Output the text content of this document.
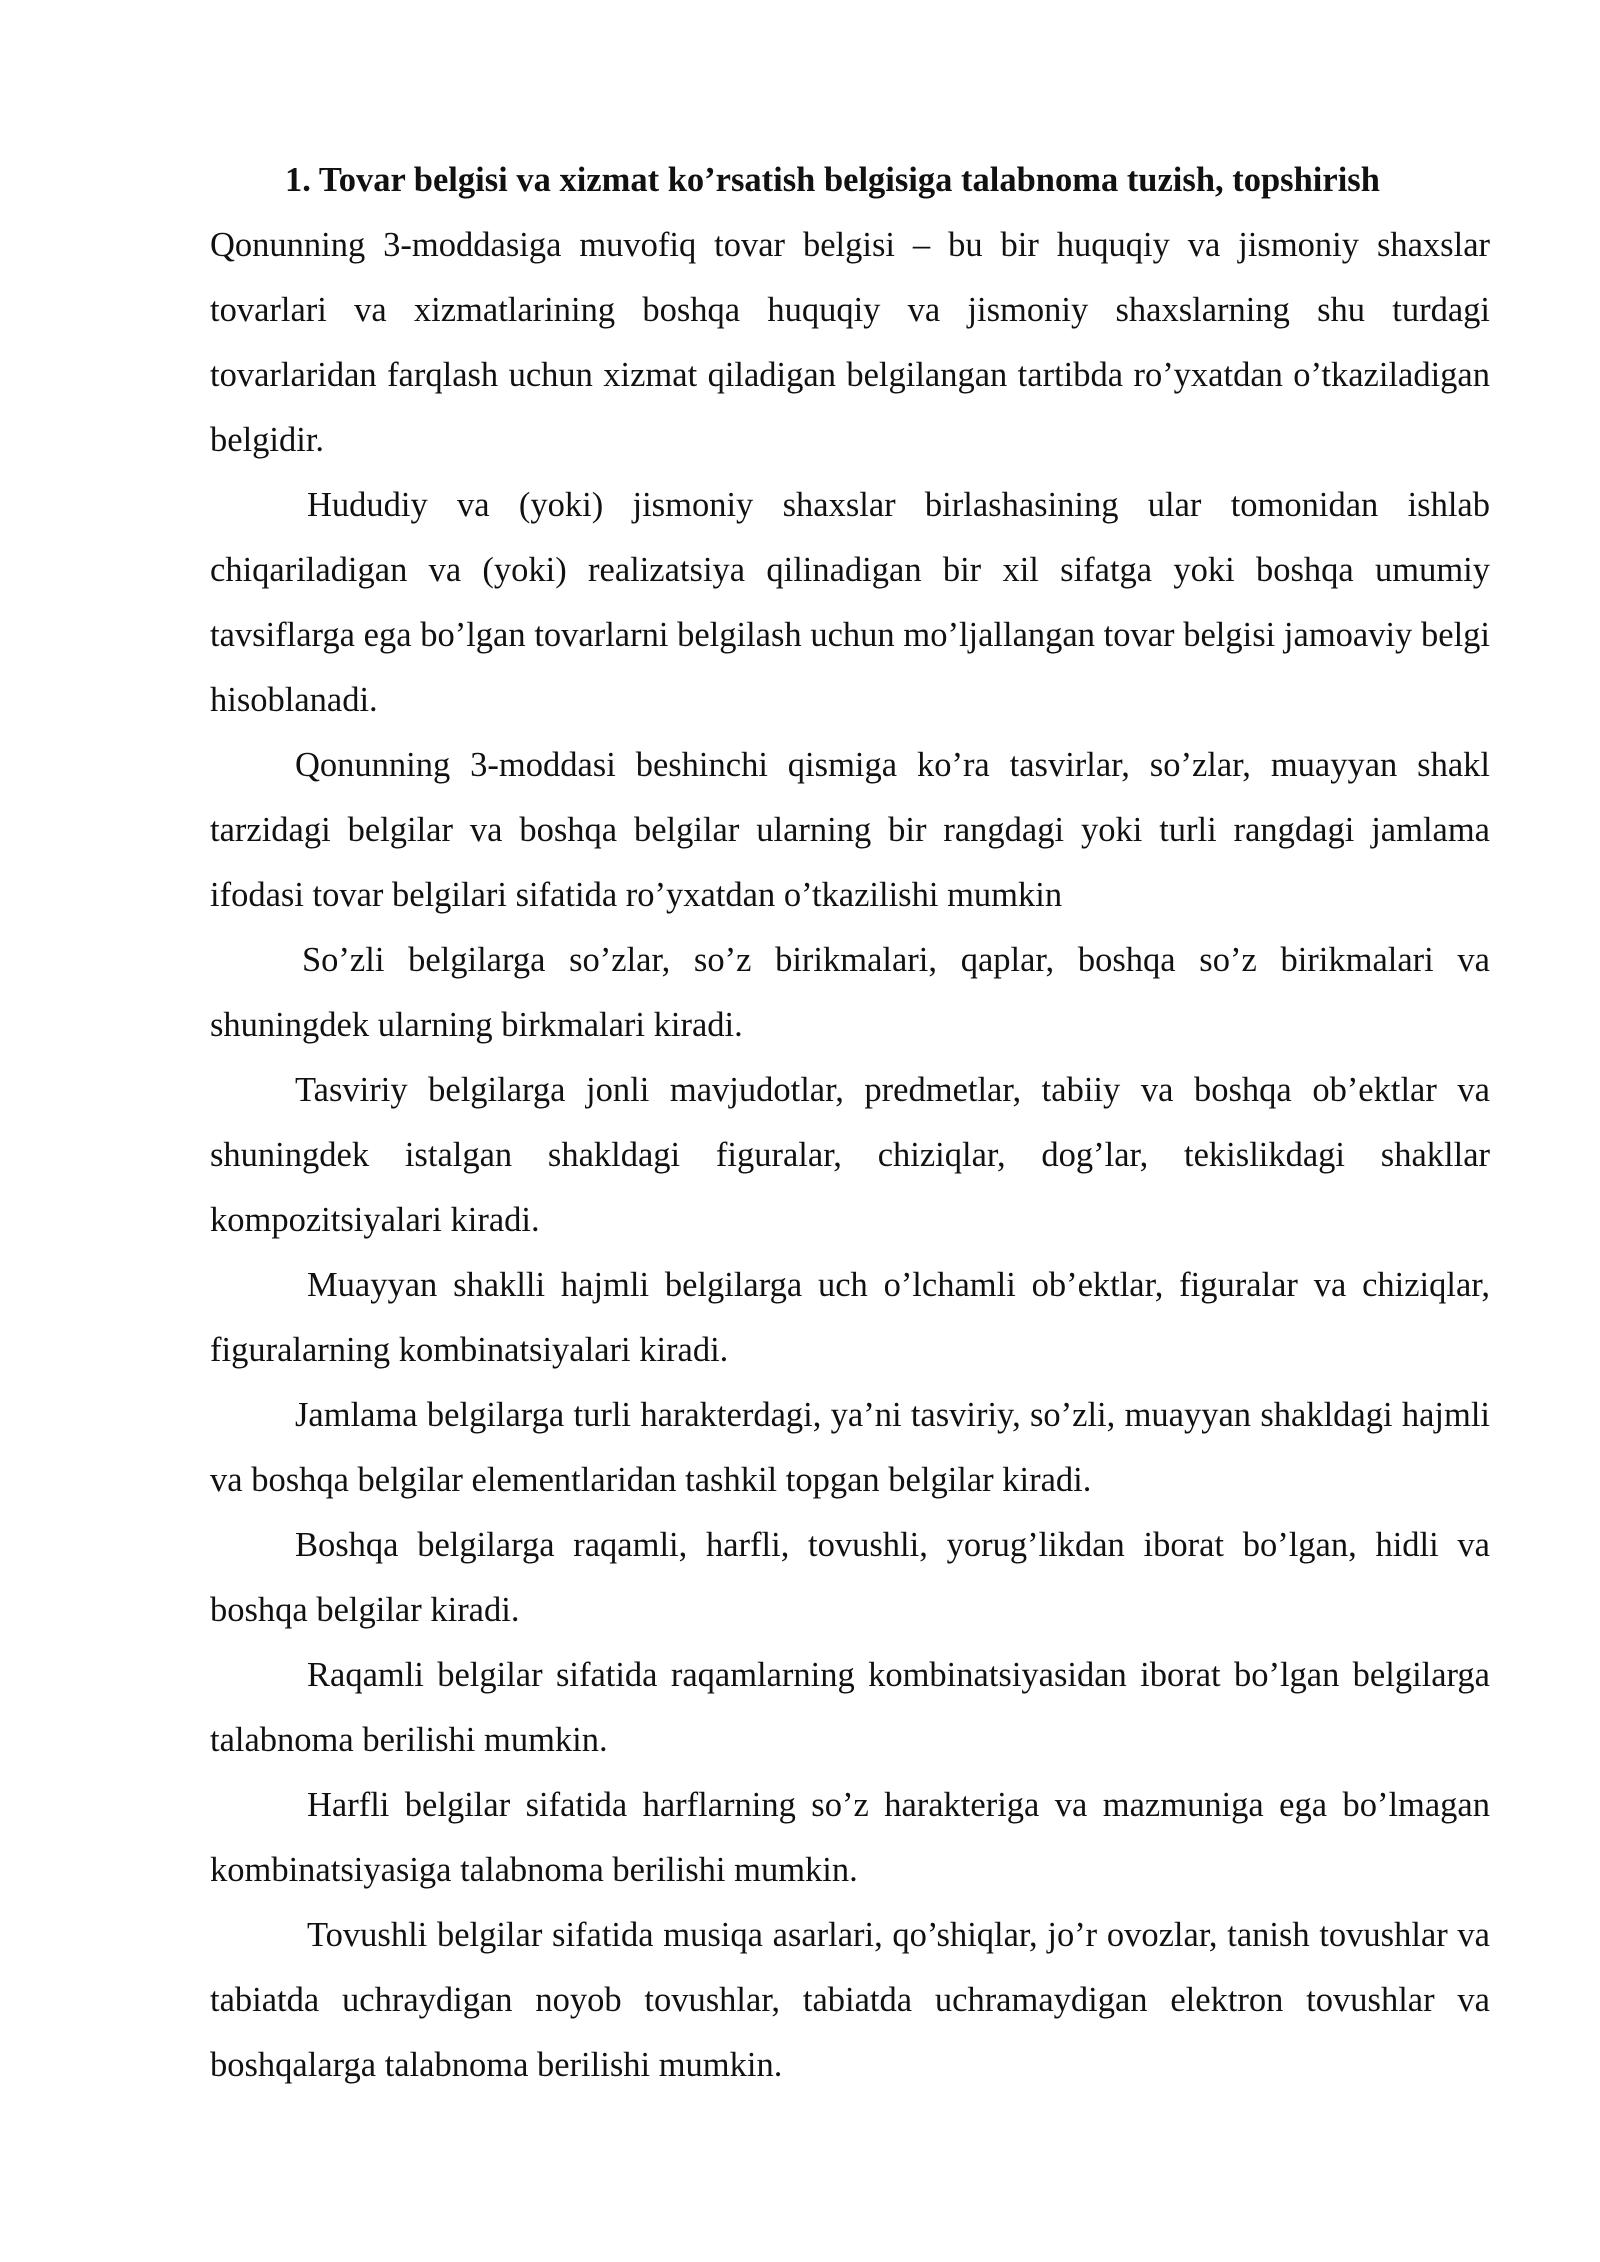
1. Tovar belgisi va xizmat ko’rsatish belgisiga talabnoma tuzish, topshirish

Qonunning 3-moddasiga muvofiq tovar belgisi – bu bir huquqiy va jismoniy shaxslar tovarlari va xizmatlarining boshqa huquqiy va jismoniy shaxslarning shu turdagi tovarlaridan farqlash uchun xizmat qiladigan belgilangan tartibda ro’yxatdan o’tkaziladigan belgidir.

Hududiy va (yoki) jismoniy shaxslar birlashasining ular tomonidan ishlab chiqariladigan va (yoki) realizatsiya qilinadigan bir xil sifatga yoki boshqa umumiy tavsiflarga ega bo’lgan tovarlarni belgilash uchun mo’ljallangan tovar belgisi jamoaviy belgi hisoblanadi.

Qonunning 3-moddasi beshinchi qismiga ko’ra tasvirlar, so’zlar, muayyan shakl tarzidagi belgilar va boshqa belgilar ularning bir rangdagi yoki turli rangdagi jamlama ifodasi tovar belgilari sifatida ro’yxatdan o’tkazilishi mumkin

So’zli belgilarga so’zlar, so’z birikmalari, qaplar, boshqa so’z birikmalari va shuningdek ularning birkmalari kiradi.

Tasviriy belgilarga jonli mavjudotlar, predmetlar, tabiiy va boshqa ob’ektlar va shuningdek istalgan shakldagi figuralar, chiziqlar, dog’lar, tekislikdagi shakllar kompozitsiyalari kiradi.

Muayyan shaklli hajmli belgilarga uch o’lchamli ob’ektlar, figuralar va chiziqlar, figuralarning kombinatsiyalari kiradi.

Jamlama belgilarga turli harakterdagi, ya’ni tasviriy, so’zli, muayyan shakldagi hajmli va boshqa belgilar elementlaridan tashkil topgan belgilar kiradi.

Boshqa belgilarga raqamli, harfli, tovushli, yorug’likdan iborat bo’lgan, hidli va boshqa belgilar kiradi.

Raqamli belgilar sifatida raqamlarning kombinatsiyasidan iborat bo’lgan belgilarga talabnoma berilishi mumkin.

Harfli belgilar sifatida harflarning so’z harakteriga va mazmuniga ega bo’lmagan kombinatsiyasiga talabnoma berilishi mumkin.

Tovushli belgilar sifatida musiqa asarlari, qo’shiqlar, jo’r ovozlar, tanish tovushlar va tabiatda uchraydigan noyob tovushlar, tabiatda uchramaydigan elektron tovushlar va boshqalarga talabnoma berilishi mumkin.
